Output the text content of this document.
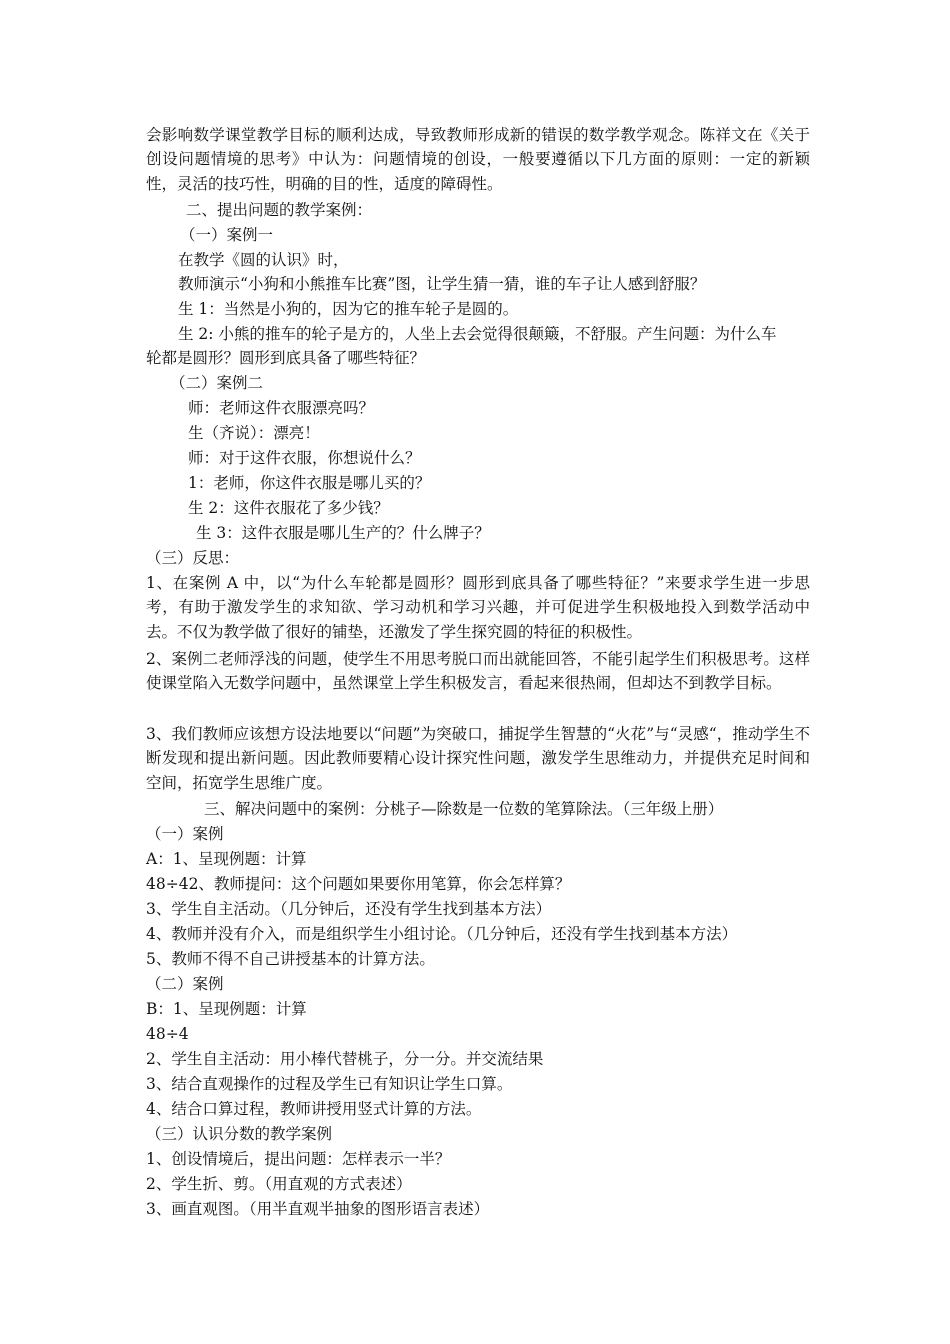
会影响数学课堂教学目标的顺利达成，导致教师形成新的错误的数学教学观念。陈祥文在《关于创设问题情境的思考》中认为：问题情境的创设，一般要遵循以下几方面的原则：一定的新颖性，灵活的技巧性，明确的目的性，适度的障碍性。
二、提出问题的教学案例：
（一）案例一
在教学《圆的认识》时，
教师演示“小狗和小熊推车比赛”图，让学生猜一猜，谁的车子让人感到舒服？
生 1：当然是小狗的，因为它的推车轮子是圆的。
生 2: 小熊的推车的轮子是方的，人坐上去会觉得很颠簸，不舒服。产生问题：为什么车
轮都是圆形？圆形到底具备了哪些特征？
（二）案例二
师：老师这件衣服漂亮吗？
生（齐说）：漂亮！
师：对于这件衣服，你想说什么？
1：老师，你这件衣服是哪儿买的？
生 2：这件衣服花了多少钱？
生 3：这件衣服是哪儿生产的？什么牌子？
（三）反思：
1、在案例 A 中，以“为什么车轮都是圆形？圆形到底具备了哪些特征？”来要求学生进一步思考，有助于激发学生的求知欲、学习动机和学习兴趣，并可促进学生积极地投入到数学活动中去。不仅为教学做了很好的铺垫，还激发了学生探究圆的特征的积极性。
2、案例二老师浮浅的问题，使学生不用思考脱口而出就能回答，不能引起学生们积极思考。这样使课堂陷入无数学问题中，虽然课堂上学生积极发言，看起来很热闹，但却达不到教学目标。
3、我们教师应该想方设法地要以“问题”为突破口，捕捉学生智慧的“火花”与“灵感“，推动学生不断发现和提出新问题。因此教师要精心设计探究性问题，激发学生思维动力，并提供充足时间和空间，拓宽学生思维广度。
三、解决问题中的案例：分桃子—除数是一位数的笔算除法。（三年级上册）
（一）案例
A：1、呈现例题：计算
48÷42、教师提问：这个问题如果要你用笔算，你会怎样算？
3、学生自主活动。（几分钟后，还没有学生找到基本方法）
4、教师并没有介入，而是组织学生小组讨论。（几分钟后，还没有学生找到基本方法）
5、教师不得不自己讲授基本的计算方法。
（二）案例
B：1、呈现例题：计算
48÷4
2、学生自主活动：用小棒代替桃子，分一分。并交流结果
3、结合直观操作的过程及学生已有知识让学生口算。
4、结合口算过程，教师讲授用竖式计算的方法。
（三）认识分数的教学案例
1、创设情境后，提出问题：怎样表示一半？
2、学生折、剪。（用直观的方式表述）
3、画直观图。（用半直观半抽象的图形语言表述）
